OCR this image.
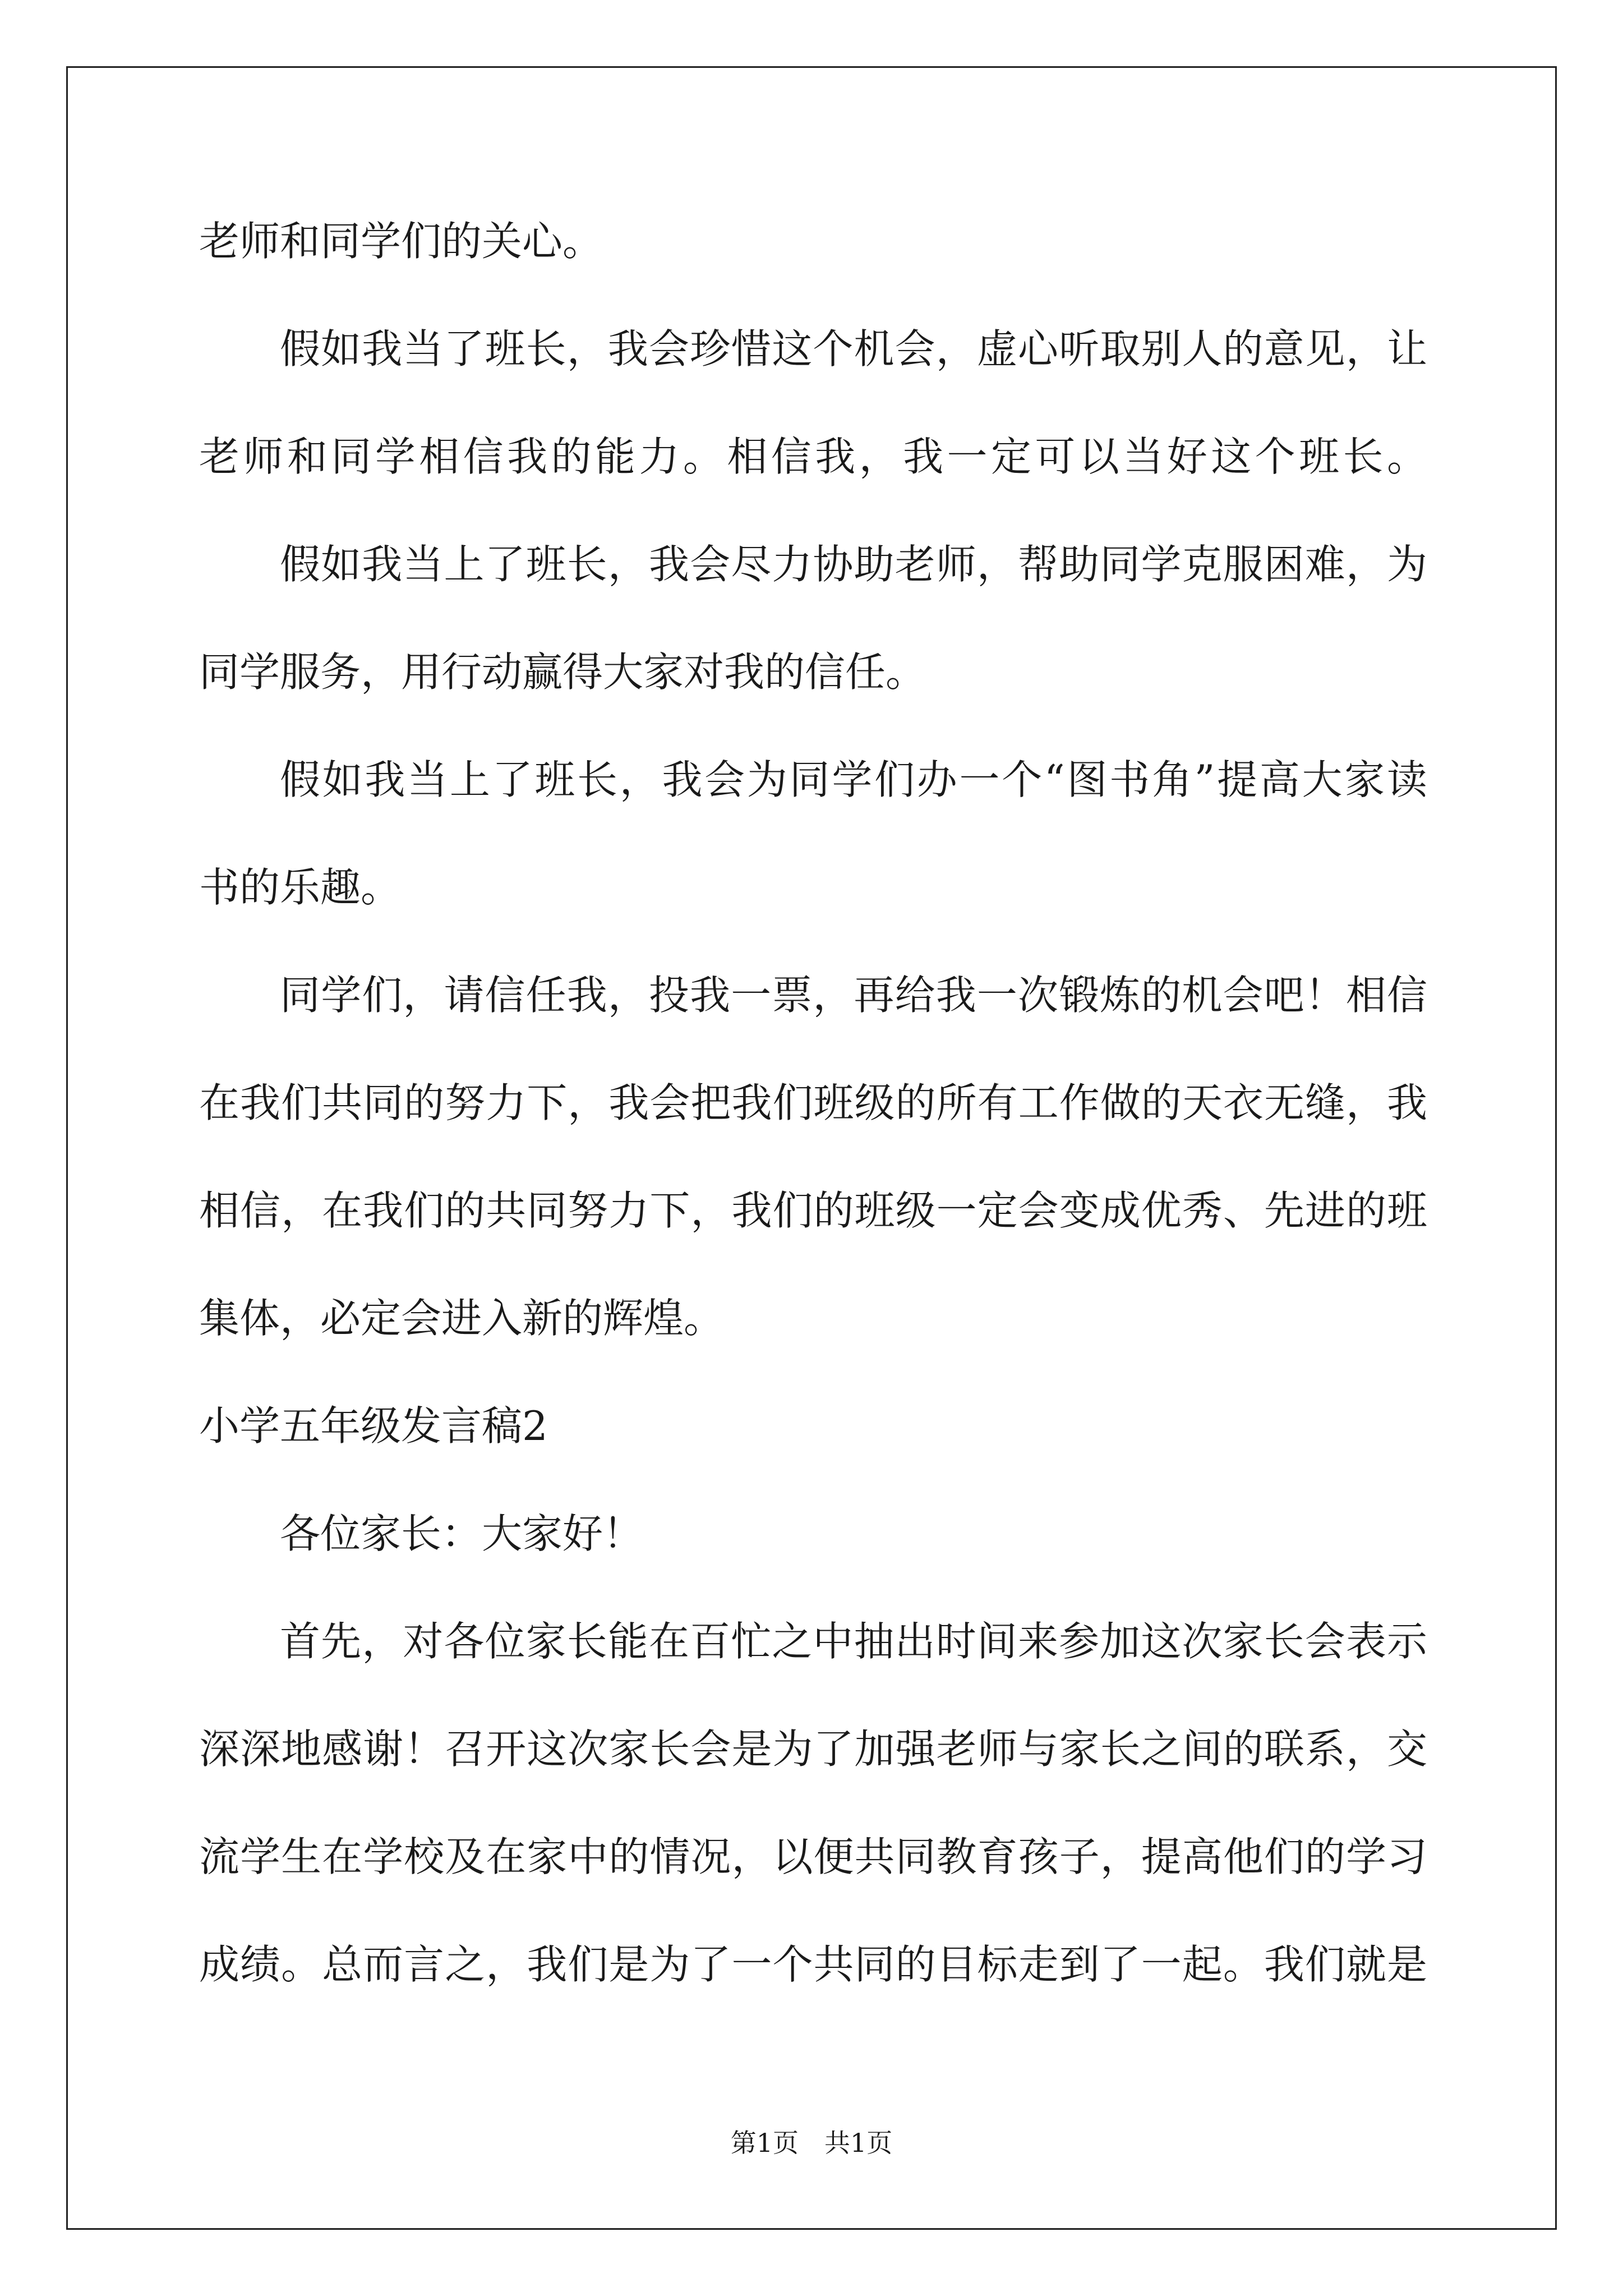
老师和同学们的关心。
假如我当了班长，我会珍惜这个机会，虚心听取别人的意见，让
老师和同学相信我的能力。相信我，我一定可以当好这个班长。
假如我当上了班长，我会尽力协助老师，帮助同学克服困难，为
同学服务，用行动赢得大家对我的信任。
假如我当上了班长，我会为同学们办一个“图书角”提高大家读
书的乐趣。
同学们，请信任我，投我一票，再给我一次锻炼的机会吧！相信
在我们共同的努力下，我会把我们班级的所有工作做的天衣无缝，我
相信，在我们的共同努力下，我们的班级一定会变成优秀、先进的班
集体，必定会进入新的辉煌。
小学五年级发言稿2
各位家长：大家好！
首先，对各位家长能在百忙之中抽出时间来参加这次家长会表示
深深地感谢！召开这次家长会是为了加强老师与家长之间的联系，交
流学生在学校及在家中的情况，以便共同教育孩子，提高他们的学习
成绩。总而言之，我们是为了一个共同的目标走到了一起。我们就是
第1页　共1页
